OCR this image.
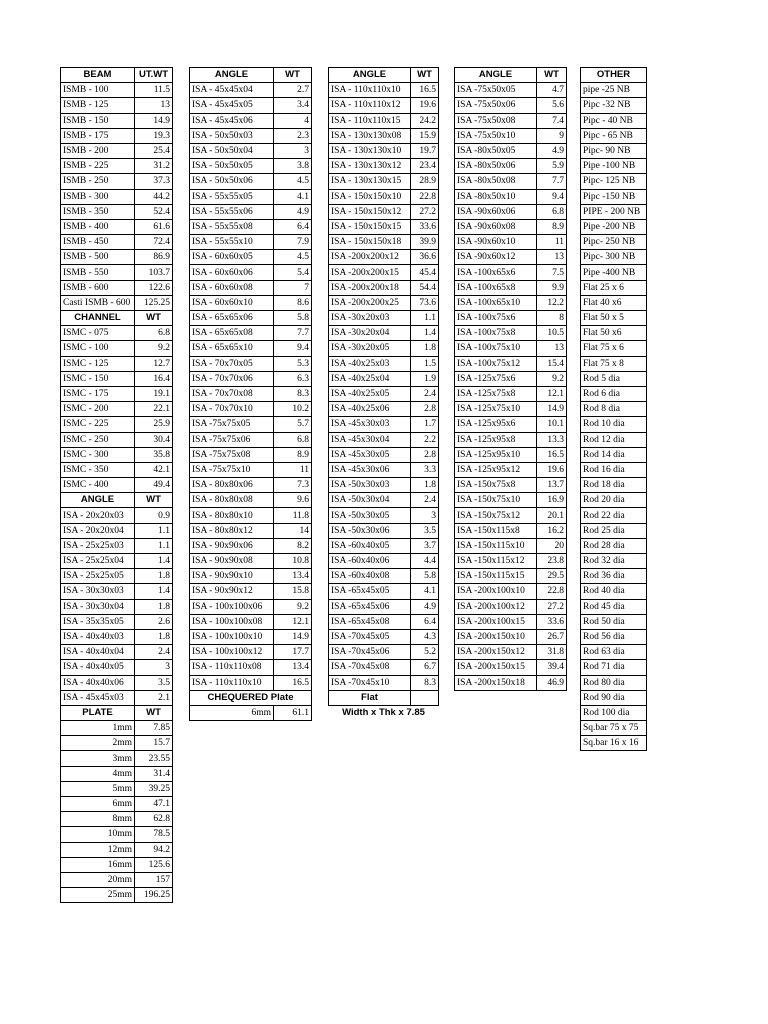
BEAM	UT.WT
ISMB - 100	11.5
ISMB - 125	13
ISMB - 150	14.9
ISMB - 175	19.3
ISMB - 200	25.4
ISMB - 225	31.2
ISMB - 250	37.3
ISMB - 300	44.2
ISMB - 350	52.4
ISMB - 400	61.6
ISMB - 450	72.4
ISMB - 500	86.9
ISMB - 550	103.7
ISMB - 600	122.6
Casti ISMB - 600	125.25
CHANNEL	WT
ISMC - 075	6.8
ISMC - 100	9.2
ISMC - 125	12.7
ISMC - 150	16.4
ISMC - 175	19.1
ISMC - 200	22.1
ISMC - 225	25.9
ISMC - 250	30.4
ISMC - 300	35.8
ISMC - 350	42.1
ISMC - 400	49.4
ANGLE	WT
ISA - 20x20x03	0.9
ISA - 20x20x04	1.1
ISA - 25x25x03	1.1
ISA - 25x25x04	1.4
ISA - 25x25x05	1.8
ISA - 30x30x03	1.4
ISA - 30x30x04	1.8
ISA - 35x35x05	2.6
ISA - 40x40x03	1.8
ISA - 40x40x04	2.4
ISA - 40x40x05	3
ISA - 40x40x06	3.5
ISA - 45x45x03	2.1
PLATE	WT
1mm	7.85
2mm	15.7
3mm	23.55
4mm	31.4
5mm	39.25
6mm	47.1
8mm	62.8
10mm	78.5
12mm	94.2
16mm	125.6
20mm	157
25mm	196.25
ANGLE	WT
ISA - 45x45x04	2.7
ISA - 45x45x05	3.4
ISA - 45x45x06	4
ISA - 50x50x03	2.3
ISA - 50x50x04	3
ISA - 50x50x05	3.8
ISA - 50x50x06	4.5
ISA - 55x55x05	4.1
ISA - 55x55x06	4.9
ISA - 55x55x08	6.4
ISA - 55x55x10	7.9
ISA - 60x60x05	4.5
ISA - 60x60x06	5.4
ISA - 60x60x08	7
ISA - 60x60x10	8.6
ISA - 65x65x06	5.8
ISA - 65x65x08	7.7
ISA - 65x65x10	9.4
ISA - 70x70x05	5.3
ISA - 70x70x06	6.3
ISA - 70x70x08	8.3
ISA - 70x70x10	10.2
ISA -75x75x05	5.7
ISA -75x75x06	6.8
ISA -75x75x08	8.9
ISA -75x75x10	11
ISA - 80x80x06	7.3
ISA - 80x80x08	9.6
ISA - 80x80x10	11.8
ISA - 80x80x12	14
ISA - 90x90x06	8.2
ISA - 90x90x08	10.8
ISA - 90x90x10	13.4
ISA - 90x90x12	15.8
ISA - 100x100x06	9.2
ISA - 100x100x08	12.1
ISA - 100x100x10	14.9
ISA - 100x100x12	17.7
ISA - 110x110x08	13.4
ISA - 110x110x10	16.5
CHEQUERED Plate	
6mm	61.1
ANGLE	WT
ISA - 110x110x10	16.5
ISA - 110x110x12	19.6
ISA - 110x110x15	24.2
ISA - 130x130x08	15.9
ISA - 130x130x10	19.7
ISA - 130x130x12	23.4
ISA - 130x130x15	28.9
ISA - 150x150x10	22.8
ISA - 150x150x12	27.2
ISA - 150x150x15	33.6
ISA - 150x150x18	39.9
ISA -200x200x12	36.6
ISA -200x200x15	45.4
ISA -200x200x18	54.4
ISA -200x200x25	73.6
ISA -30x20x03	1.1
ISA -30x20x04	1.4
ISA -30x20x05	1.8
ISA -40x25x03	1.5
ISA -40x25x04	1.9
ISA -40x25x05	2.4
ISA -40x25x06	2.8
ISA -45x30x03	1.7
ISA -45x30x04	2.2
ISA -45x30x05	2.8
ISA -45x30x06	3.3
ISA -50x30x03	1.8
ISA -50x30x04	2.4
ISA -50x30x05	3
ISA -50x30x06	3.5
ISA -60x40x05	3.7
ISA -60x40x06	4.4
ISA -60x40x08	5.8
ISA -65x45x05	4.1
ISA -65x45x06	4.9
ISA -65x45x08	6.4
ISA -70x45x05	4.3
ISA -70x45x06	5.2
ISA -70x45x08	6.7
ISA -70x45x10	8.3
Flat	
Width x Thk x 7.85	
ANGLE	WT
ISA -75x50x05	4.7
ISA -75x50x06	5.6
ISA -75x50x08	7.4
ISA -75x50x10	9
ISA -80x50x05	4.9
ISA -80x50x06	5.9
ISA -80x50x08	7.7
ISA -80x50x10	9.4
ISA -90x60x06	6.8
ISA -90x60x08	8.9
ISA -90x60x10	11
ISA -90x60x12	13
ISA -100x65x6	7.5
ISA -100x65x8	9.9
ISA -100x65x10	12.2
ISA -100x75x6	8
ISA -100x75x8	10.5
ISA -100x75x10	13
ISA -100x75x12	15.4
ISA -125x75x6	9.2
ISA -125x75x8	12.1
ISA -125x75x10	14.9
ISA -125x95x6	10.1
ISA -125x95x8	13.3
ISA -125x95x10	16.5
ISA -125x95x12	19.6
ISA -150x75x8	13.7
ISA -150x75x10	16.9
ISA -150x75x12	20.1
ISA -150x115x8	16.2
ISA -150x115x10	20
ISA -150x115x12	23.8
ISA -150x115x15	29.5
ISA -200x100x10	22.8
ISA -200x100x12	27.2
ISA -200x100x15	33.6
ISA -200x150x10	26.7
ISA -200x150x12	31.8
ISA -200x150x15	39.4
ISA -200x150x18	46.9
OTHER
pipe -25 NB
Pipc -32 NB
Pipc - 40 NB
Pipc - 65 NB
Pipc- 90 NB
Pipe -100 NB
Pipc- 125 NB
Pipc -150 NB
PIPE - 200 NB
Pipe -200 NB
Pipc- 250 NB
Pipc- 300 NB
Pipe -400 NB
Flat 25 x 6
Flat 40 x6
Flat 50 x 5
Flat 50 x6
Flat 75 x 6
Flat 75 x 8
Rod 5 dia
Rod 6 dia
Rod 8 dia
Rod 10 dia
Rod 12 dia
Rod 14 dia
Rod 16 dia
Rod 18 dia
Rod 20 dia
Rod 22 dia
Rod 25 dia
Rod 28 dia
Rod 32 dia
Rod 36 dia
Rod 40 dia
Rod 45 dia
Rod 50 dia
Rod 56 dia
Rod 63 dia
Rod 71 dia
Rod 80 dia
Rod 90 dia
Rod 100 dia
Sq.bar 75 x 75
Sq.bar 16 x 16
